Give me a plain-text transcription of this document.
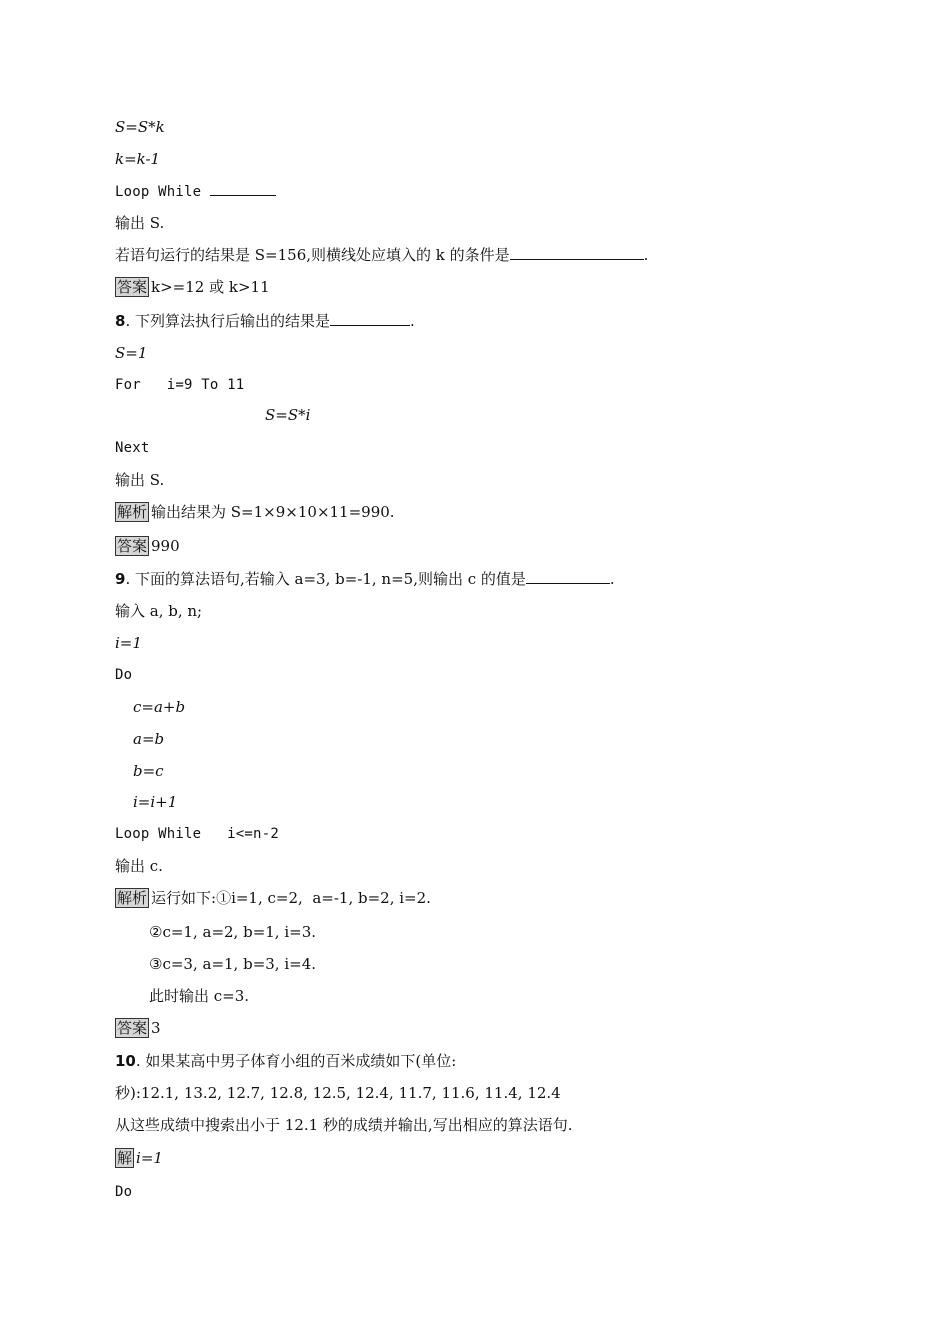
S=S*k
k=k-1
Loop While
输出 S.
若语句运行的结果是 S=156,则横线处应填入的 k 的条件是	.
答案 k>=12 或 k>11
8. 下列算法执行后输出的结果是	.
S=1
For   i=9 To 11
S=S*i
Next
输出 S.
解析 输出结果为 S=1×9×10×11=990.
答案 990
9. 下面的算法语句,若输入 a=3, b=-1, n=5,则输出 c 的值是	.
输入 a, b, n;
i=1
Do
c=a+b
a=b
b=c
i=i+1
Loop While   i<=n-2
输出 c.
解析 运行如下:①i=1, c=2,  a=-1, b=2, i=2.
②c=1, a=2, b=1, i=3.
③c=3, a=1, b=3, i=4.
此时输出 c=3.
答案 3
10. 如果某高中男子体育小组的百米成绩如下(单位:
秒):12.1, 13.2, 12.7, 12.8, 12.5, 12.4, 11.7, 11.6, 11.4, 12.4
从这些成绩中搜索出小于 12.1 秒的成绩并输出,写出相应的算法语句.
解 i=1
Do
